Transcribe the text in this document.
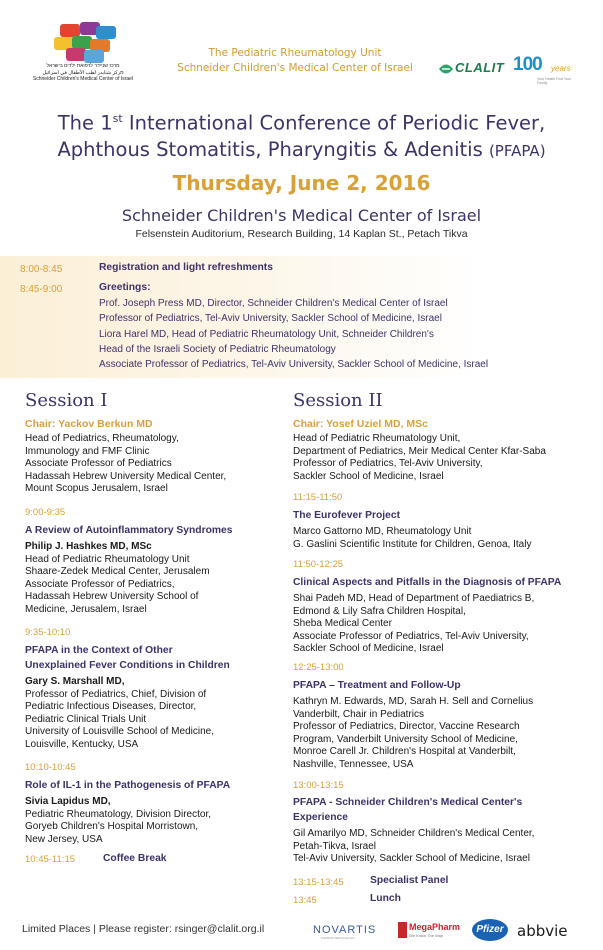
מרכז שניידר לרפואת ילדים בישראל
מركز شنايدر لطب الأطفال في اسرائيل
Schneider Children's Medical Center of Israel
The Pediatric Rheumatology Unit
Schneider Children's Medical Center of Israel	CLALIT 100 years
Your Health First Your Family
The 1st International Conference of Periodic Fever,
Aphthous Stomatitis, Pharyngitis & Adenitis (PFAPA)
Thursday, June 2, 2016
Schneider Children's Medical Center of Israel
Felsenstein Auditorium, Research Building, 14 Kaplan St., Petach Tikva
8:00-8:45	Registration and light refreshments
8:45-9:00	Greetings:
Prof. Joseph Press MD, Director, Schneider Children's Medical Center of Israel
Professor of Pediatrics, Tel-Aviv University, Sackler School of Medicine, Israel
Liora Harel MD, Head of Pediatric Rheumatology Unit, Schneider Children's
Head of the Israeli Society of Pediatric Rheumatology
Associate Professor of Pediatrics, Tel-Aviv University, Sackler School of Medicine, Israel
Session I
Chair: Yackov Berkun MD
Head of Pediatrics, Rheumatology,
Immunology and FMF Clinic
Associate Professor of Pediatrics
Hadassah Hebrew University Medical Center,
Mount Scopus Jerusalem, Israel
9:00-9:35
A Review of Autoinflammatory Syndromes
Philip J. Hashkes MD, MSc
Head of Pediatric Rheumatology Unit
Shaare-Zedek Medical Center, Jerusalem
Associate Professor of Pediatrics,
Hadassah Hebrew University School of
Medicine, Jerusalem, Israel
9:35-10:10
PFAPA in the Context of Other
Unexplained Fever Conditions in Children
Gary S. Marshall MD,
Professor of Pediatrics, Chief, Division of
Pediatric Infectious Diseases, Director,
Pediatric Clinical Trials Unit
University of Louisville School of Medicine,
Louisville, Kentucky, USA
10:10-10:45
Role of IL-1 in the Pathogenesis of PFAPA
Sivia Lapidus MD,
Pediatric Rheumatology, Division Director,
Goryeb Children's Hospital Morristown,
New Jersey, USA
10:45-11:15	Coffee Break
Session II
Chair: Yosef Uziel MD, MSc
Head of Pediatric Rheumatology Unit,
Department of Pediatrics, Meir Medical Center Kfar-Saba
Professor of Pediatrics, Tel-Aviv University,
Sackler School of Medicine, Israel
11:15-11:50
The Eurofever Project
Marco Gattorno MD, Rheumatology Unit
G. Gaslini Scientific Institute for Children, Genoa, Italy
11:50-12:25
Clinical Aspects and Pitfalls in the Diagnosis of PFAPA
Shai Padeh MD, Head of Department of Paediatrics B,
Edmond & Lily Safra Children Hospital,
Sheba Medical Center
Associate Professor of Pediatrics, Tel-Aviv University,
Sackler School of Medicine, Israel
12:25-13:00
PFAPA – Treatment and Follow-Up
Kathryn M. Edwards, MD, Sarah H. Sell and Cornelius
Vanderbilt, Chair in Pediatrics
Professor of Pediatrics, Director, Vaccine Research
Program, Vanderbilt University School of Medicine,
Monroe Carell Jr. Children's Hospital at Vanderbilt,
Nashville, Tennessee, USA
13:00-13:15
PFAPA - Schneider Children's Medical Center's
Experience
Gil Amarilyo MD, Schneider Children's Medical Center,
Petah-Tikva, Israel
Tel-Aviv University, Sackler School of Medicine, Israel
13:15-13:45	Specialist Panel
13:45	Lunch
Limited Places | Please register: rsinger@clalit.org.il	NOVARTIS
PHARMA SERVICES AG
MegaPharm
We Know The Way
Pfizer abbvie
